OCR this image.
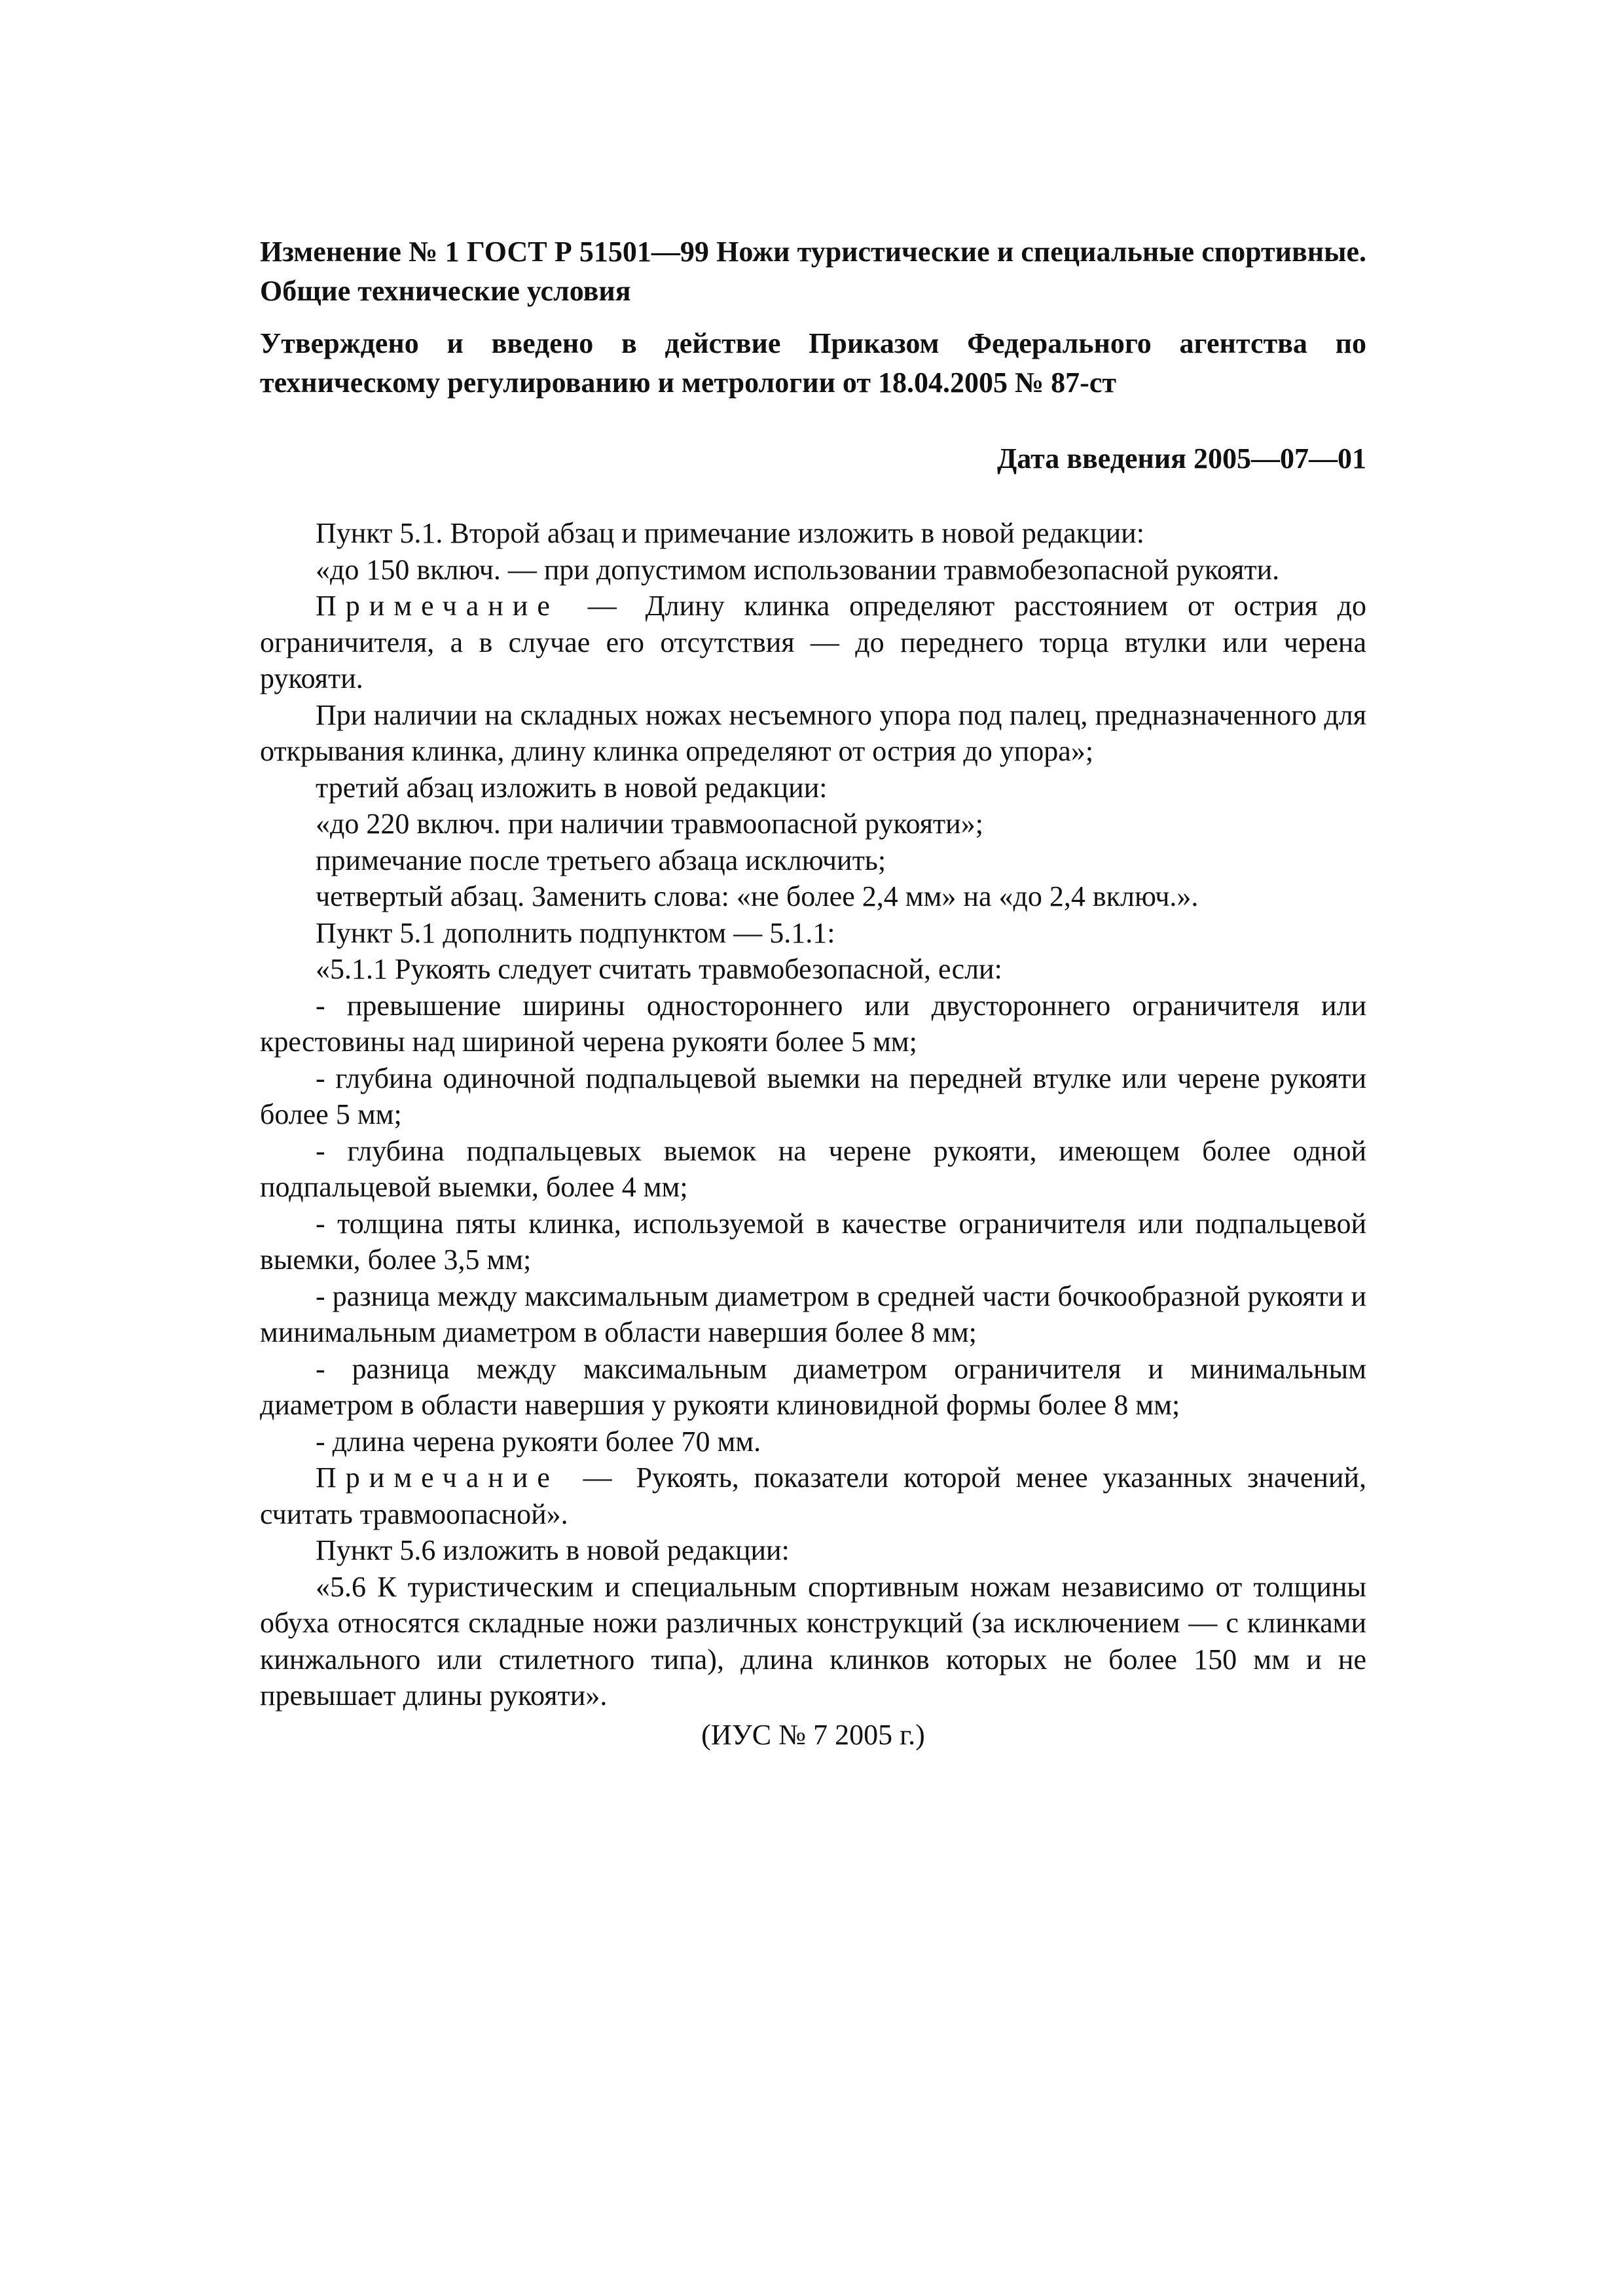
Изменение № 1 ГОСТ Р 51501—99 Ножи туристические и специальные спортивные. Общие технические условия

Утверждено и введено в действие Приказом Федерального агентства по техническому регулированию и метрологии от 18.04.2005 № 87-ст

Дата введения 2005—07—01

Пункт 5.1. Второй абзац и примечание изложить в новой редакции:

«до 150 включ. — при допустимом использовании травмобезопасной рукояти.

Примечание — Длину клинка определяют расстоянием от острия до ограничителя, а в случае его отсутствия — до переднего торца втулки или черена рукояти.

При наличии на складных ножах несъемного упора под палец, предназначенного для открывания клинка, длину клинка определяют от острия до упора»;

третий абзац изложить в новой редакции:

«до 220 включ. при наличии травмоопасной рукояти»;

примечание после третьего абзаца исключить;

четвертый абзац. Заменить слова: «не более 2,4 мм» на «до 2,4 включ.».

Пункт 5.1 дополнить подпунктом — 5.1.1:

«5.1.1 Рукоять следует считать травмобезопасной, если:

- превышение ширины одностороннего или двустороннего ограничителя или крестовины над шириной черена рукояти более 5 мм;

- глубина одиночной подпальцевой выемки на передней втулке или черене рукояти более 5 мм;

- глубина подпальцевых выемок на черене рукояти, имеющем более одной подпальцевой выемки, более 4 мм;

- толщина пяты клинка, используемой в качестве ограничителя или подпальцевой выемки, более 3,5 мм;

- разница между максимальным диаметром в средней части бочкообразной рукояти и минимальным диаметром в области навершия более 8 мм;

- разница между максимальным диаметром ограничителя и минимальным диаметром в области навершия у рукояти клиновидной формы более 8 мм;

- длина черена рукояти более 70 мм.

Примечание — Рукоять, показатели которой менее указанных значений, считать травмоопасной».

Пункт 5.6 изложить в новой редакции:

«5.6 К туристическим и специальным спортивным ножам независимо от толщины обуха относятся складные ножи различных конструкций (за исключением — с клинками кинжального или стилетного типа), длина клинков которых не более 150 мм и не превышает длины рукояти».

(ИУС № 7 2005 г.)
